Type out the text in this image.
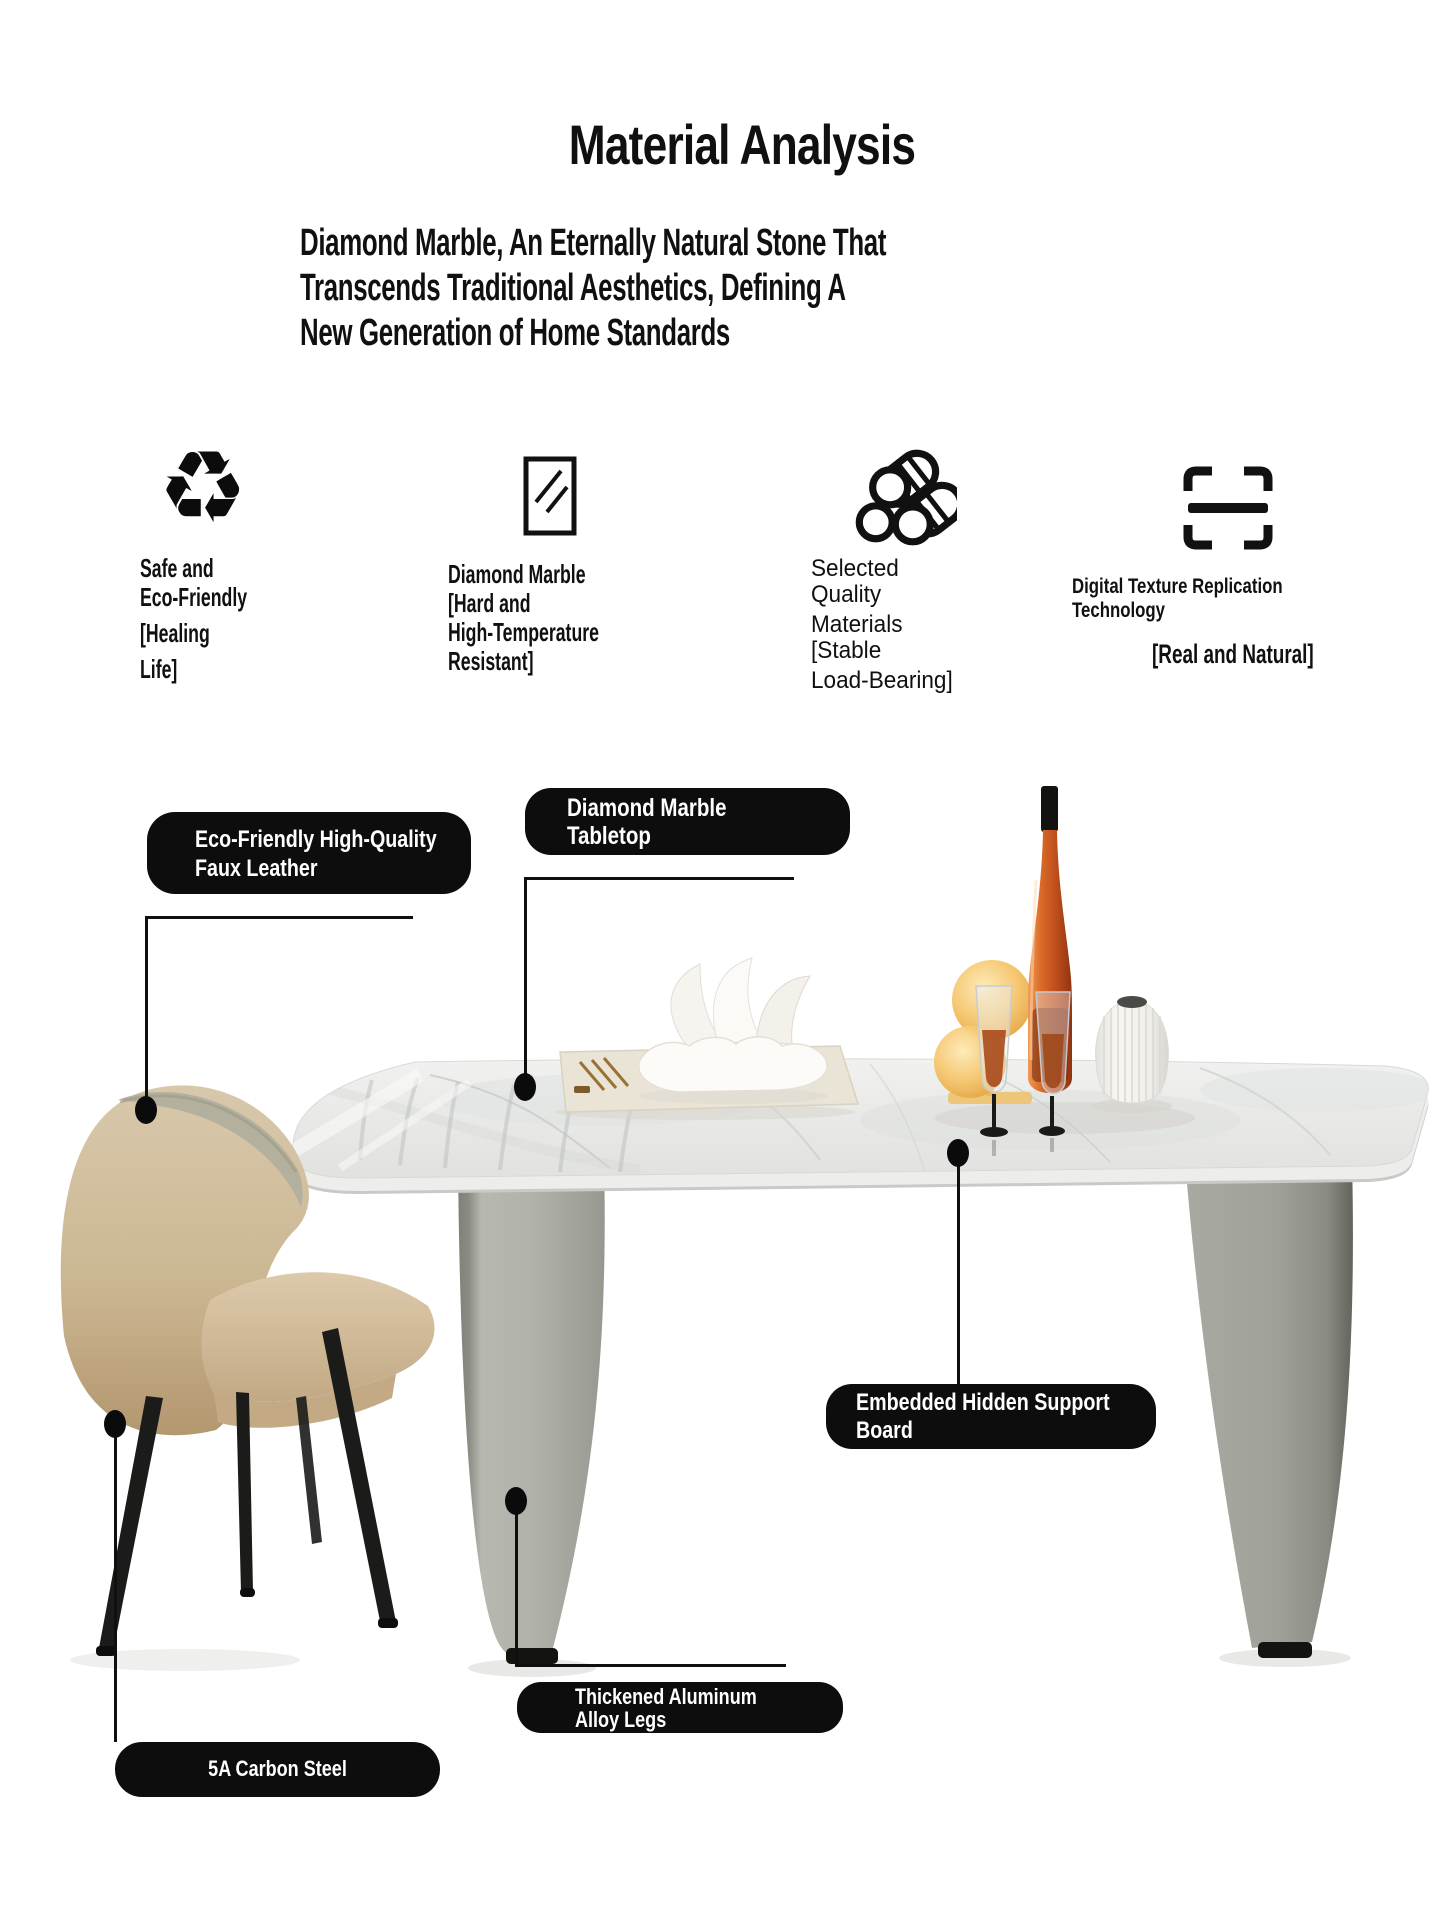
Material Analysis
Diamond Marble, An Eternally Natural Stone That
Transcends Traditional Aesthetics, Defining A
New Generation of Home Standards
♻
Safe and
Eco-Friendly
[Healing
Life]
Diamond Marble
[Hard and
High-Temperature
Resistant]
Selected
Quality
Materials
[Stable
Load-Bearing]
Digital Texture Replication
Technology
[Real and Natural]
Eco-Friendly High-Quality
Faux Leather
Diamond Marble
Tabletop
Embedded Hidden Support
Board
Thickened Aluminum
Alloy Legs
5A Carbon Steel
